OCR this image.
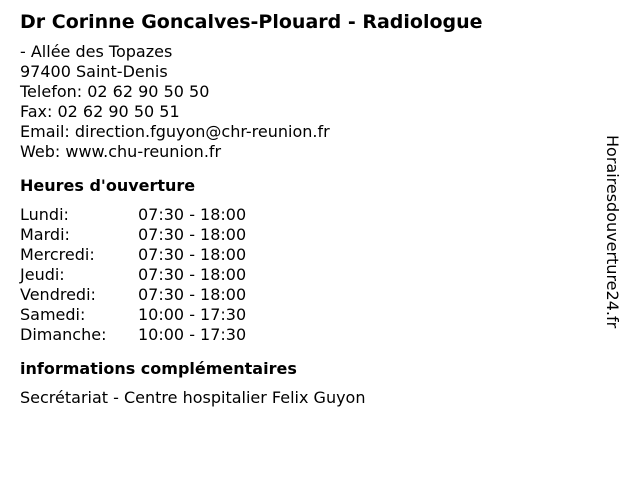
Dr Corinne Goncalves-Plouard - Radiologue
- Allée des Topazes
97400 Saint-Denis
Telefon: 02 62 90 50 50
Fax: 02 62 90 50 51
Email: direction.fguyon@chr-reunion.fr
Web: www.chu-reunion.fr
Heures d'ouverture
Lundi:	07:30 - 18:00
Mardi:	07:30 - 18:00
Mercredi:	07:30 - 18:00
Jeudi:	07:30 - 18:00
Vendredi:	07:30 - 18:00
Samedi:	10:00 - 17:30
Dimanche:	10:00 - 17:30
informations complémentaires
Secrétariat - Centre hospitalier Felix Guyon
Horairesdouverture24.fr
